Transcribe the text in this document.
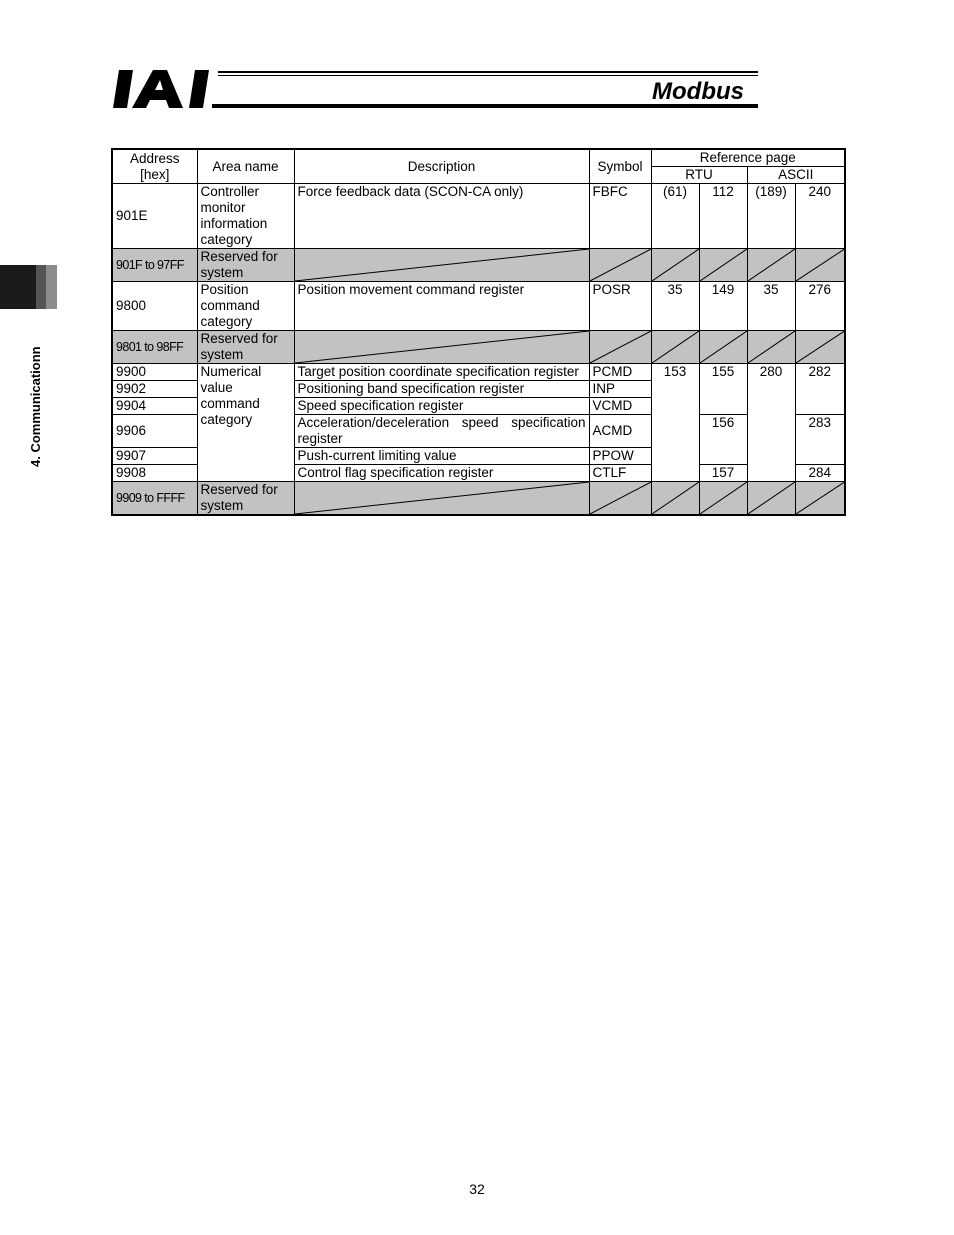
Modbus
4. Communicationn
Address [hex]	Area name	Description	Symbol	Reference page			
				RTU		ASCII	
901E	Controller monitor information category	Force feedback data (SCON-CA only)	FBFC	(61)	112	(189)	240
901F to 97FF	Reserved for system	

9800	Position command category	Position movement command register	POSR	35	149	35	276
9801 to 98FF	Reserved for system	

9900	Numerical value command category	Target position coordinate specification register	PCMD	153	155	280	282
9902		Positioning band specification register	INP				
9904		Speed specification register	VCMD				
9906		Acceleration/deceleration speed specification register	ACMD		156		283
9907		Push-current limiting value	PPOW				
9908		Control flag specification register	CTLF		157		284
9909 to FFFF	Reserved for system	

32
